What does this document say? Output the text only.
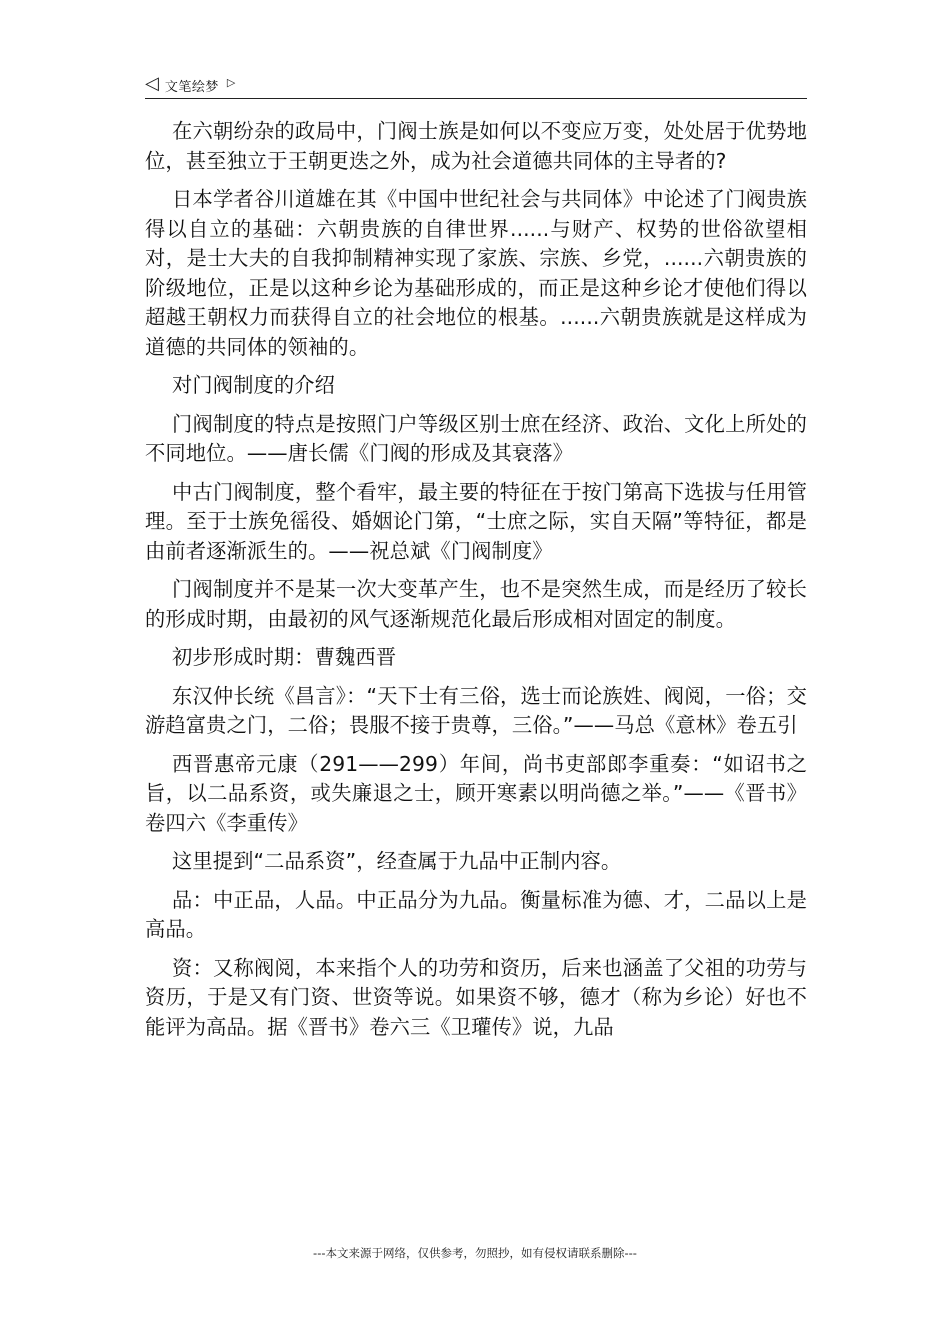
◁ 文笔绘梦 ▷

在六朝纷杂的政局中，门阀士族是如何以不变应万变，处处居于优势地位，甚至独立于王朝更迭之外，成为社会道德共同体的主导者的?

日本学者谷川道雄在其《中国中世纪社会与共同体》中论述了门阀贵族得以自立的基础：六朝贵族的自律世界......与财产、权势的世俗欲望相对，是士大夫的自我抑制精神实现了家族、宗族、乡党，......六朝贵族的阶级地位，正是以这种乡论为基础形成的，而正是这种乡论才使他们得以超越王朝权力而获得自立的社会地位的根基。......六朝贵族就是这样成为道德的共同体的领袖的。

对门阀制度的介绍

门阀制度的特点是按照门户等级区别士庶在经济、政治、文化上所处的不同地位。——唐长儒《门阀的形成及其衰落》

中古门阀制度，整个看牢，最主要的特征在于按门第高下选拔与任用管理。至于士族免徭役、婚姻论门第，“士庶之际，实自天隔”等特征，都是由前者逐渐派生的。——祝总斌《门阀制度》

门阀制度并不是某一次大变革产生，也不是突然生成，而是经历了较长的形成时期，由最初的风气逐渐规范化最后形成相对固定的制度。

初步形成时期：曹魏西晋

东汉仲长统《昌言》：“天下士有三俗，选士而论族姓、阀阅，一俗；交游趋富贵之门，二俗；畏服不接于贵尊，三俗。”——马总《意林》卷五引

西晋惠帝元康（291——299）年间，尚书吏部郎李重奏：“如诏书之旨，以二品系资，或失廉退之士，顾开寒素以明尚德之举。”——《晋书》卷四六《李重传》

这里提到“二品系资”，经查属于九品中正制内容。

品：中正品，人品。中正品分为九品。衡量标准为德、才，二品以上是高品。

资：又称阀阅，本来指个人的功劳和资历，后来也涵盖了父祖的功劳与资历，于是又有门资、世资等说。如果资不够，德才（称为乡论）好也不能评为高品。据《晋书》卷六三《卫瓘传》说，九品

---本文来源于网络，仅供参考，勿照抄，如有侵权请联系删除---
